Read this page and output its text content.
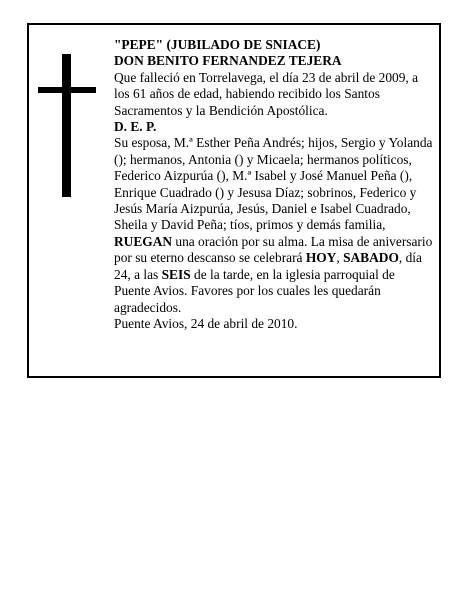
"PEPE" (JUBILADO DE SNIACE)

DON BENITO FERNANDEZ TEJERA

Que falleció en Torrelavega, el día 23 de abril de 2009, a los 61 años de edad, habiendo recibido los Santos Sacramentos y la Bendición Apostólica.

D. E. P.

Su esposa, M.ª Esther Peña Andrés; hijos, Sergio y Yolanda (); hermanos, Antonia () y Micaela; hermanos políticos, Federico Aizpurúa (), M.ª Isabel y José Manuel Peña (), Enrique Cuadrado () y Jesusa Díaz; sobrinos, Federico y Jesús María Aizpurúa, Jesús, Daniel e Isabel Cuadrado, Sheila y David Peña; tíos, primos y demás familia,

RUEGAN una oración por su alma. La misa de aniversario por su eterno descanso se celebrará HOY, SABADO, día 24, a las SEIS de la tarde, en la iglesia parroquial de Puente Avios. Favores por los cuales les quedarán agradecidos.

Puente Avios, 24 de abril de 2010.
